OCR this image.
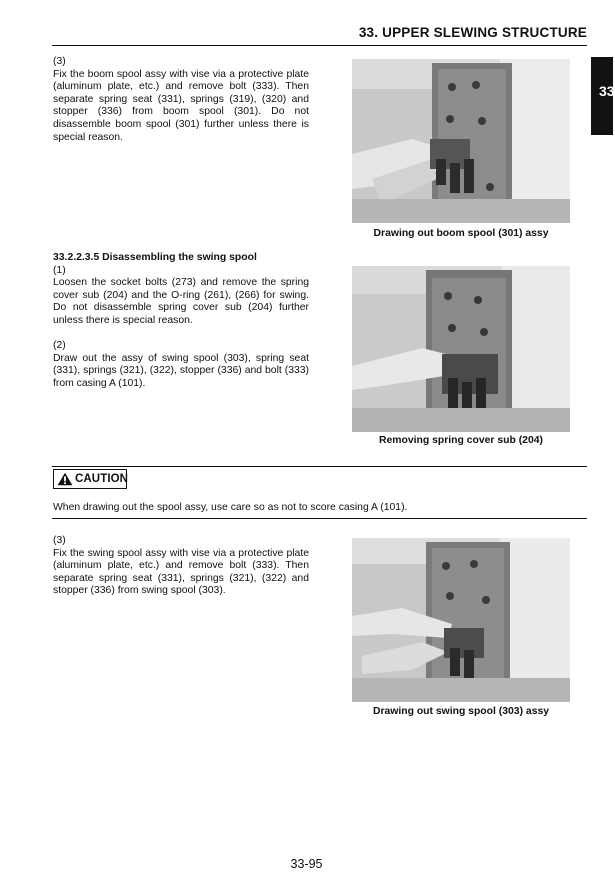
33. UPPER SLEWING STRUCTURE
33

(3)

Fix the boom spool assy with vise via a protective plate (aluminum plate, etc.) and remove bolt (333). Then separate spring seat (331), springs (319), (320) and stopper (336) from boom spool (301). Do not disassemble boom spool (301) further unless there is special reason.

Drawing out boom spool (301) assy

33.2.2.3.5 Disassembling the swing spool

(1)

Loosen the socket bolts (273) and remove the spring cover sub (204) and the O-ring (261), (266) for swing. Do not disassemble spring cover sub (204) further unless there is special reason.

(2)

Draw out the assy of swing spool (303), spring seat (331), springs (321), (322), stopper (336) and bolt (333) from casing A (101).

Removing spring cover sub (204)
CAUTION
When drawing out the spool assy, use care so as not to score casing A (101).

(3)

Fix the swing spool assy with vise via a protective plate (aluminum plate, etc.) and remove bolt (333). Then separate spring seat (331), springs (321), (322) and stopper (336) from swing spool (303).

Drawing out swing spool (303) assy
33-95
